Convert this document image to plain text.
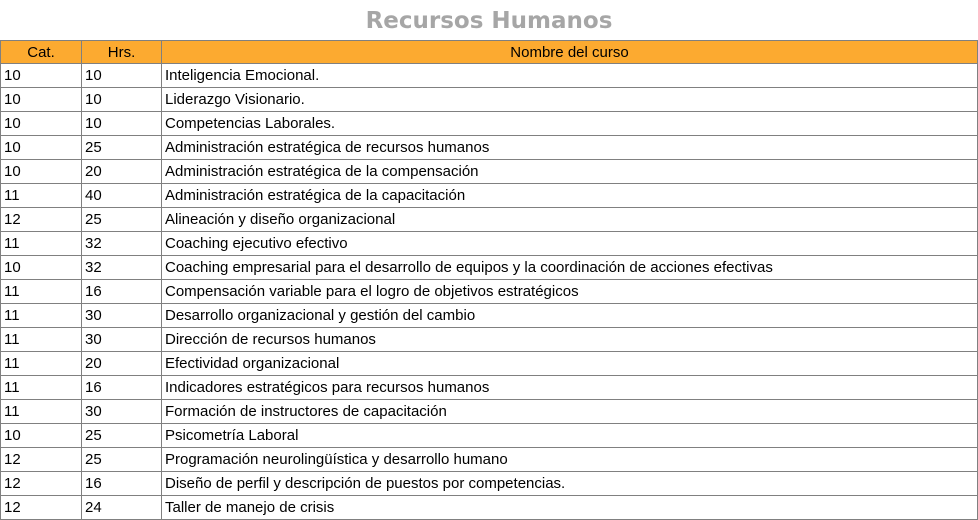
Recursos Humanos
Cat.	Hrs.	Nombre del curso
10	10	Inteligencia Emocional.
10	10	Liderazgo Visionario.
10	10	Competencias Laborales.
10	25	Administración estratégica de recursos humanos
10	20	Administración estratégica de la compensación
11	40	Administración estratégica de la capacitación
12	25	Alineación y diseño organizacional
11	32	Coaching ejecutivo efectivo
10	32	Coaching empresarial para el desarrollo de equipos y la coordinación de acciones efectivas
11	16	Compensación variable para el logro de objetivos estratégicos
11	30	Desarrollo organizacional y gestión del cambio
11	30	Dirección de recursos humanos
11	20	Efectividad organizacional
11	16	Indicadores estratégicos para recursos humanos
11	30	Formación de instructores de capacitación
10	25	Psicometría Laboral
12	25	Programación neurolingüística y desarrollo humano
12	16	Diseño de perfil y descripción de puestos por competencias.
12	24	Taller de manejo de crisis
